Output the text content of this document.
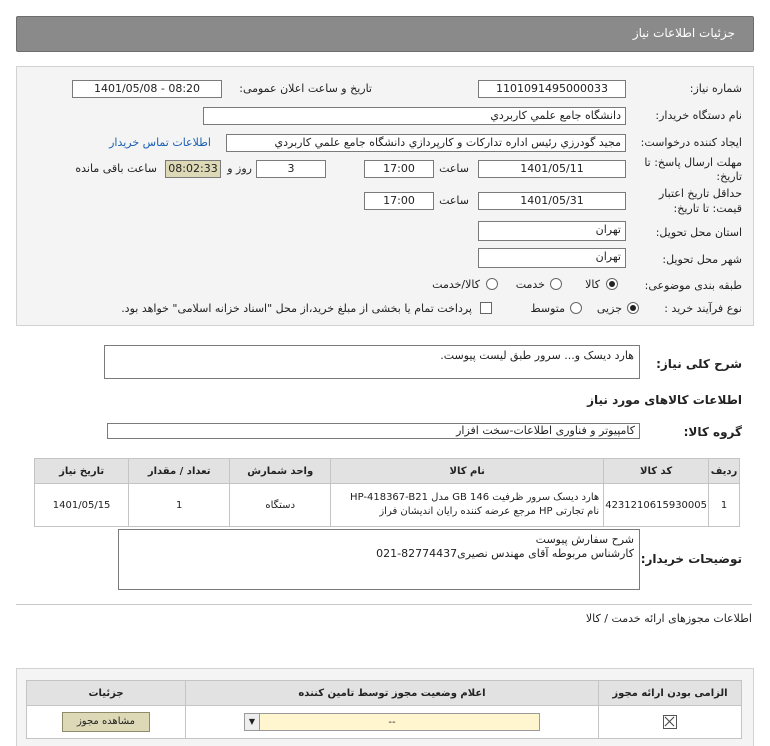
جزئیات اطلاعات نیاز
شماره نیاز:
1101091495000033
تاریخ و ساعت اعلان عمومی:
1401/05/08 - 08:20
نام دستگاه خریدار:
دانشگاه جامع علمي كاربردي
ایجاد کننده درخواست:
مجيد گودرزي رئيس اداره تداركات و كارپردازي دانشگاه جامع علمي كاربردي
اطلاعات تماس خریدار
مهلت ارسال پاسخ: تا تاریخ:
1401/05/11
ساعت
17:00
3
روز و
08:02:33
ساعت باقی مانده
حداقل تاریخ اعتبار
قیمت: تا تاریخ:
1401/05/31
ساعت
17:00
استان محل تحویل:
تهران
شهر محل تحویل:
تهران
طبقه بندی موضوعی:
کالا
خدمت
کالا/خدمت
نوع فرآیند خرید :
جزیی
متوسط
پرداخت تمام یا بخشی از مبلغ خرید،از محل "اسناد خزانه اسلامی" خواهد بود.
شرح کلی نیاز:
هارد دیسک و... سرور طبق لیست پیوست.
اطلاعات کالاهای مورد نیاز
گروه کالا:
کامپیوتر و فناوری اطلاعات-سخت افزار
ردیف	کد کالا	نام کالا	واحد شمارش	تعداد / مقدار	تاریخ نیاز
1	4231210615930005	هارد دیسک سرور ظرفیت 146 GB مدل HP-418367-B21 نام تجارتی HP مرجع عرضه کننده رایان اندیشان فراز	دستگاه	1	1401/05/15
توضیحات خریدار:
شرح سفارش پیوست
کارشناس مربوطه آقای مهندس نصیری82774437-021
اطلاعات مجوزهای ارائه خدمت / کالا
الزامی بودن ارائه مجوز	اعلام وضعیت مجوز توسط تامین کننده	جزئیات

	▼ --	مشاهده مجوز
